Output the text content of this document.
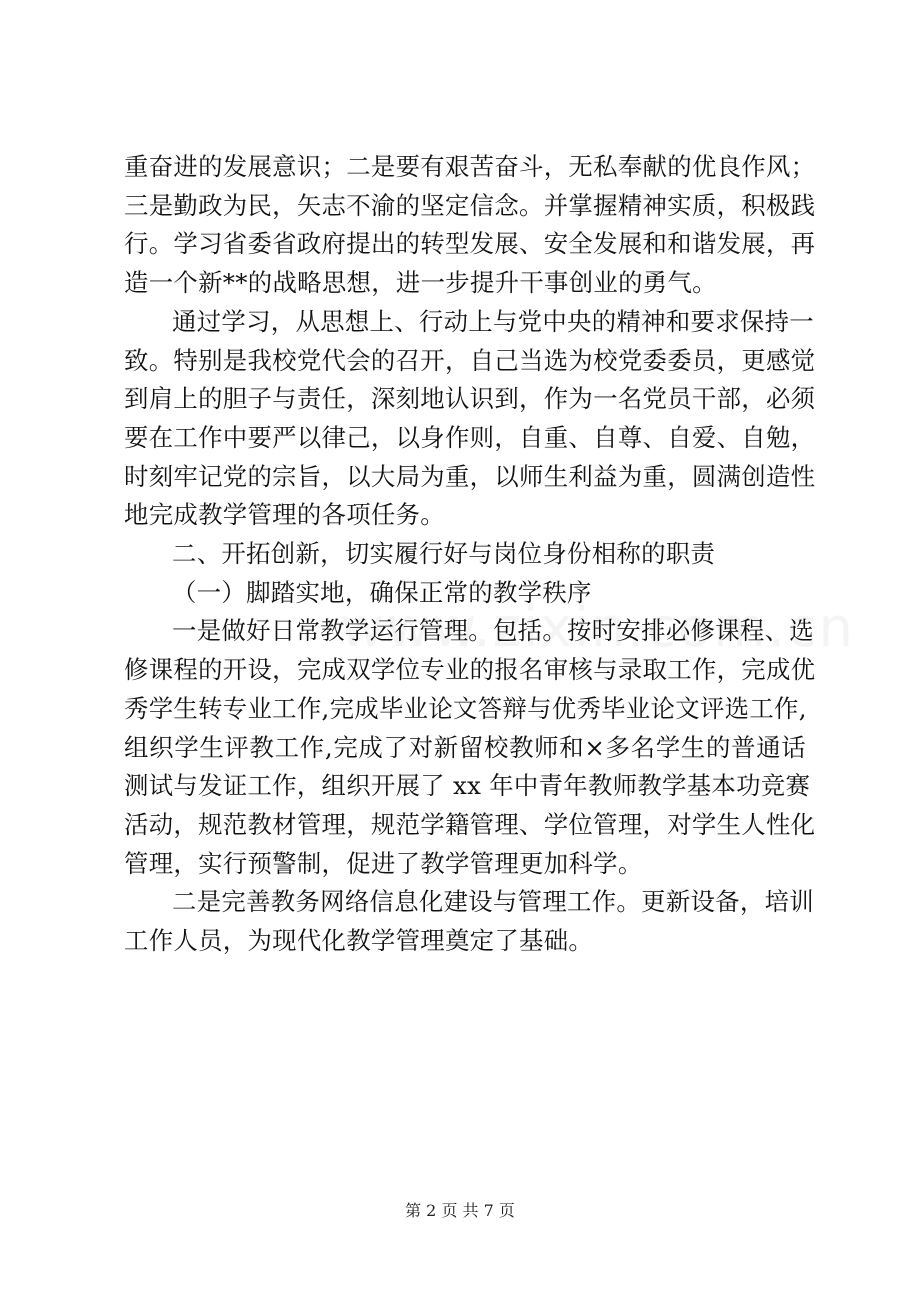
重奋进的发展意识；二是要有艰苦奋斗，无私奉献的优良作风；
三是勤政为民，矢志不渝的坚定信念。并掌握精神实质，积极践
行。学习省委省政府提出的转型发展、安全发展和和谐发展，再
造一个新**的战略思想，进一步提升干事创业的勇气。

通过学习，从思想上、行动上与党中央的精神和要求保持一
致。特别是我校党代会的召开，自己当选为校党委委员，更感觉
到肩上的胆子与责任，深刻地认识到，作为一名党员干部，必须
要在工作中要严以律己，以身作则，自重、自尊、自爱、自勉，
时刻牢记党的宗旨，以大局为重，以师生利益为重，圆满创造性
地完成教学管理的各项任务。

二、开拓创新，切实履行好与岗位身份相称的职责

（一）脚踏实地，确保正常的教学秩序

一是做好日常教学运行管理。包括。按时安排必修课程、选
修课程的开设，完成双学位专业的报名审核与录取工作，完成优
秀学生转专业工作,完成毕业论文答辩与优秀毕业论文评选工作,
组织学生评教工作,完成了对新留校教师和×多名学生的普通话
测试与发证工作，组织开展了 xx 年中青年教师教学基本功竞赛
活动，规范教材管理，规范学籍管理、学位管理，对学生人性化
管理，实行预警制，促进了教学管理更加科学。

二是完善教务网络信息化建设与管理工作。更新设备，培训
工作人员，为现代化教学管理奠定了基础。

第 2 页 共 7 页
